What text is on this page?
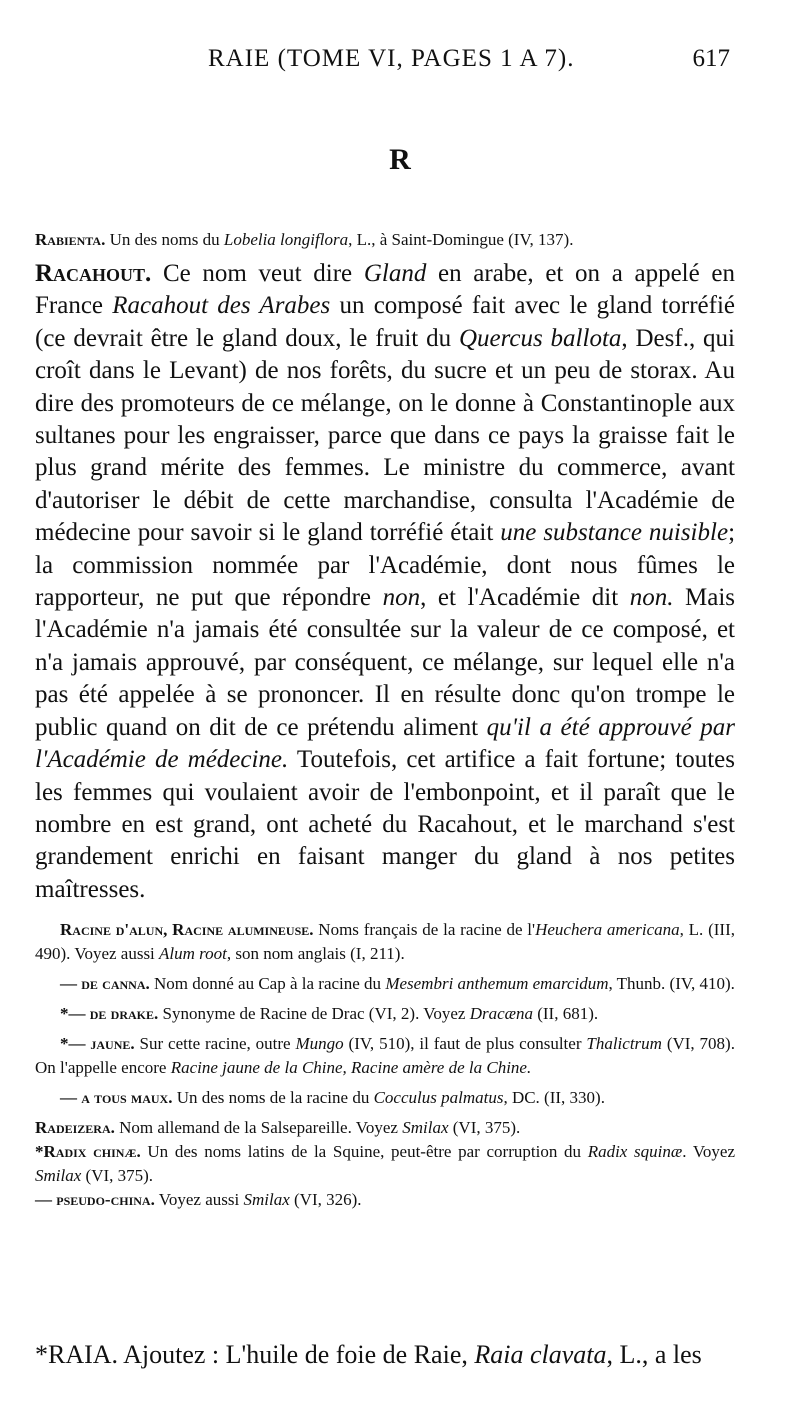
RAIE (TOME VI, PAGES 1 A 7).	617
R

Rabienta. Un des noms du Lobelia longiflora, L., à Saint-Domingue (IV, 137).

Racahout. Ce nom veut dire Gland en arabe, et on a appelé en France Racahout des Arabes un composé fait avec le gland torréfié (ce devrait être le gland doux, le fruit du Quercus ballota, Desf., qui croît dans le Levant) de nos forêts, du sucre et un peu de storax. Au dire des promoteurs de ce mélange, on le donne à Constantinople aux sultanes pour les engraisser, parce que dans ce pays la graisse fait le plus grand mérite des femmes. Le ministre du commerce, avant d'autoriser le débit de cette marchandise, consulta l'Académie de médecine pour savoir si le gland torréfié était une substance nuisible; la commission nommée par l'Académie, dont nous fûmes le rapporteur, ne put que répondre non, et l'Académie dit non. Mais l'Académie n'a jamais été consultée sur la valeur de ce composé, et n'a jamais approuvé, par conséquent, ce mélange, sur lequel elle n'a pas été appelée à se prononcer. Il en résulte donc qu'on trompe le public quand on dit de ce prétendu aliment qu'il a été approuvé par l'Académie de médecine. Toutefois, cet artifice a fait fortune; toutes les femmes qui voulaient avoir de l'embonpoint, et il paraît que le nombre en est grand, ont acheté du Racahout, et le marchand s'est grandement enrichi en faisant manger du gland à nos petites maîtresses.

Racine d'alun, Racine alumineuse. Noms français de la racine de l'Heuchera americana, L. (III, 490). Voyez aussi Alum root, son nom anglais (I, 211).

— de canna. Nom donné au Cap à la racine du Mesembri anthemum emarcidum, Thunb. (IV, 410).

*— de drake. Synonyme de Racine de Drac (VI, 2). Voyez Dracæna (II, 681).

*— jaune. Sur cette racine, outre Mungo (IV, 510), il faut de plus consulter Thalictrum (VI, 708). On l'appelle encore Racine jaune de la Chine, Racine amère de la Chine.

— a tous maux. Un des noms de la racine du Cocculus palmatus, DC. (II, 330).

Radeizera. Nom allemand de la Salsepareille. Voyez Smilax (VI, 375).

*Radix chinæ. Un des noms latins de la Squine, peut-être par corruption du Radix squinæ. Voyez Smilax (VI, 375).

— pseudo-china. Voyez aussi Smilax (VI, 326).

*RAIA. Ajoutez : L'huile de foie de Raie, Raia clavata, L., a les
